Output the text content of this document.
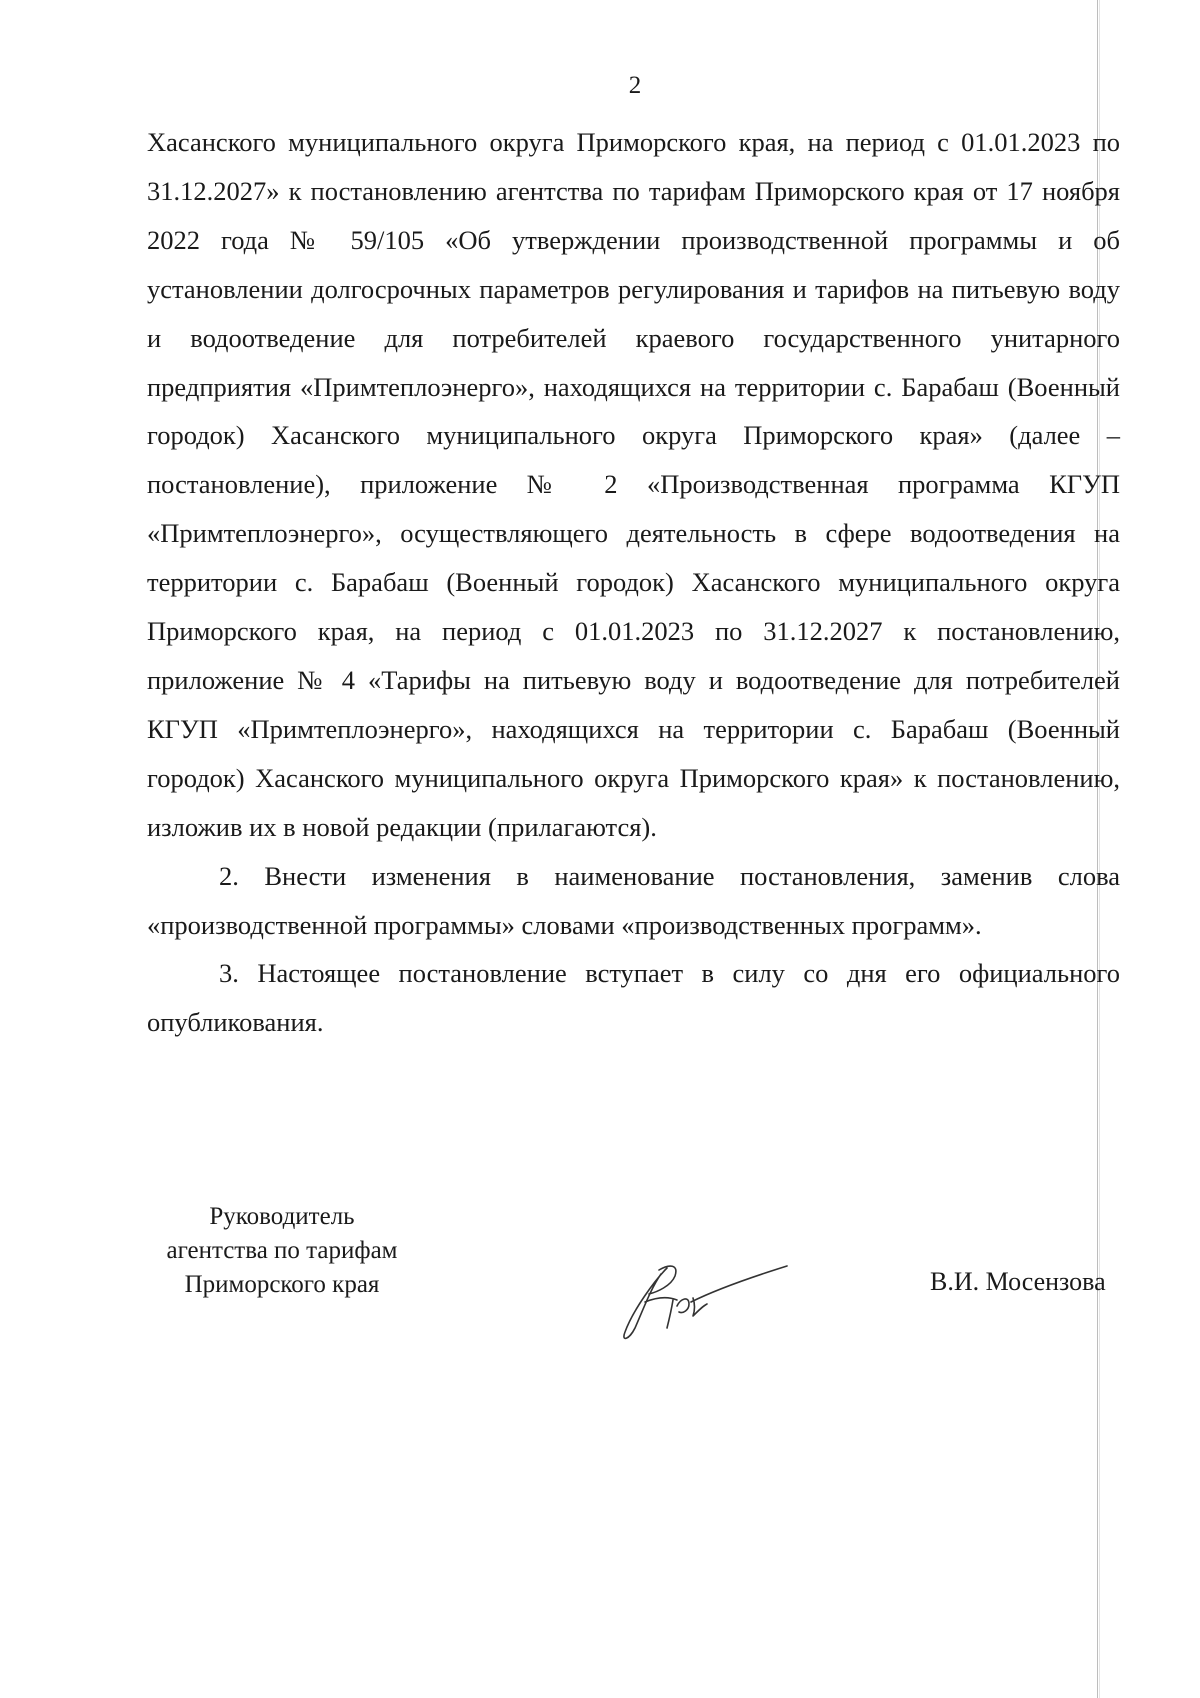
2

Хасанского муниципального округа Приморского края, на период с 01.01.2023 по 31.12.2027» к постановлению агентства по тарифам Приморского края от 17 ноября 2022 года № 59/105 «Об утверждении производственной программы и об установлении долгосрочных параметров регулирования и тарифов на питьевую воду и водоотведение для потребителей краевого государственного унитарного предприятия «Примтеплоэнерго», находящихся на территории с. Барабаш (Военный городок) Хасанского муниципального округа Приморского края» (далее – постановление), приложение № 2 «Производственная программа КГУП «Примтеплоэнерго», осуществляющего деятельность в сфере водоотведения на территории с. Барабаш (Военный городок) Хасанского муниципального округа Приморского края, на период с 01.01.2023 по 31.12.2027 к постановлению, приложение № 4 «Тарифы на питьевую воду и водоотведение для потребителей КГУП «Примтеплоэнерго», находящихся на территории с. Барабаш (Военный городок) Хасанского муниципального округа Приморского края» к постановлению, изложив их в новой редакции (прилагаются).

2. Внести изменения в наименование постановления, заменив слова «производственной программы» словами «производственных программ».

3. Настоящее постановление вступает в силу со дня его официального опубликования.

Руководитель
агентства по тарифам
Приморского края	В.И. Мосензова
